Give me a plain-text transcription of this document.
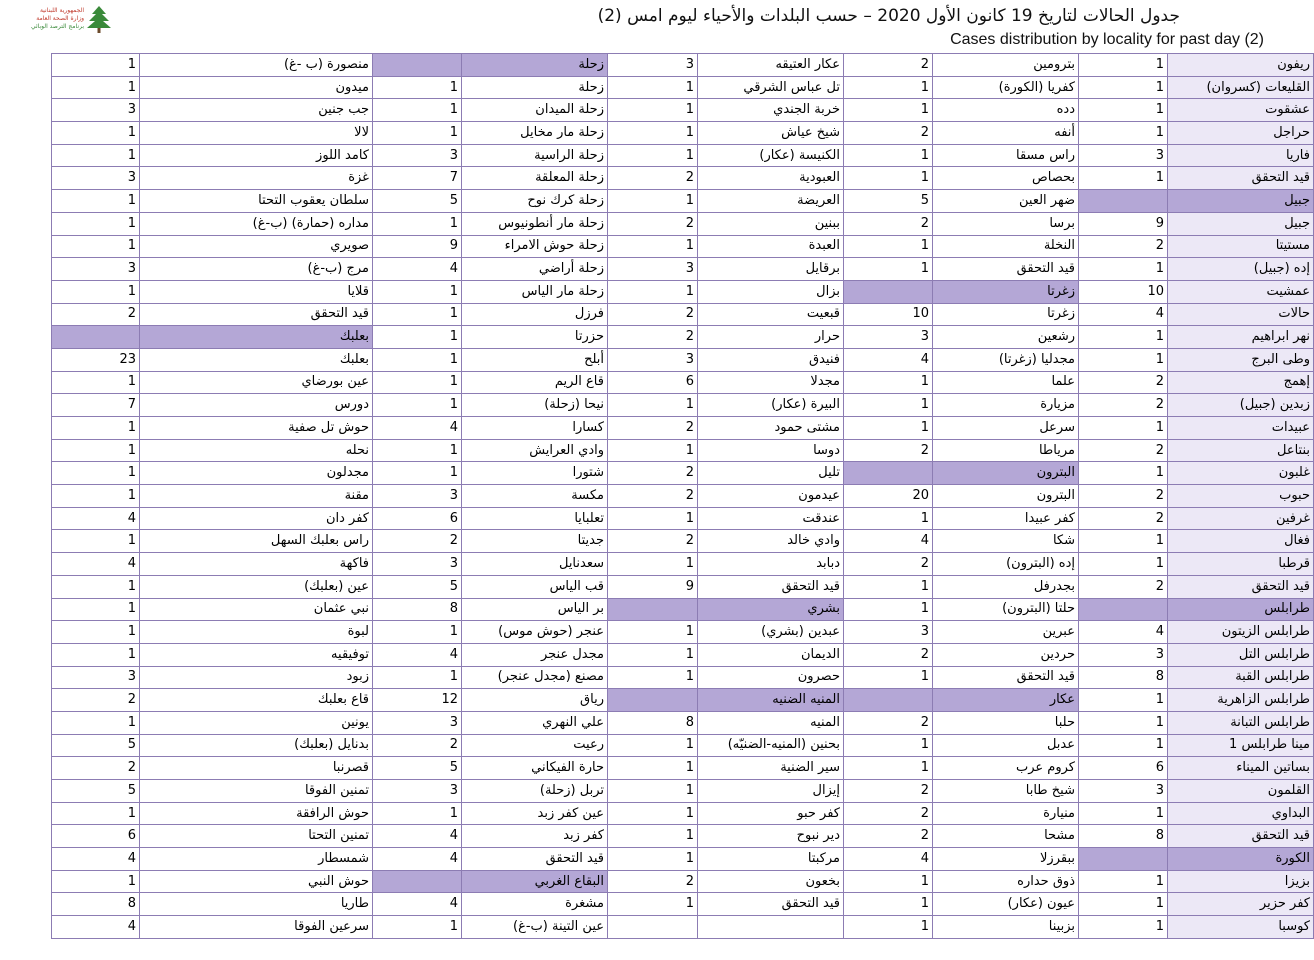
الجمهورية اللبنانية
وزارة الصحة العامة
برنامج الترصد الوبائي
جدول الحالات لتاريخ 19 كانون الأول 2020 – حسب البلدات والأحياء ليوم امس (2)
Cases distribution by locality for past day (2)
1	منصورة (ب -غ)		زحلة	3	عكار العتيقه	2	بترومين	1	ريفون
1	ميدون	1	زحلة	1	تل عباس الشرقي	1	كفريا (الكورة)	1	القليعات (كسروان)
3	جب جنين	1	زحلة الميدان	1	خربة الجندي	1	دده	1	عشقوت
1	لالا	1	زحلة مار مخايل	1	شيخ عياش	2	أنفه	1	حراجل
1	كامد اللوز	3	زحلة الراسية	1	الكنيسة (عكار)	1	راس مسقا	3	فاريا
3	غزة	7	زحلة المعلقة	2	العبودية	1	بحصاص	1	قيد التحقق
1	سلطان يعقوب التحتا	5	زحلة كرك نوح	1	العريضة	5	ضهر العين		جبيل
1	مداره (حمارة) (ب-غ)	1	زحلة مار أنطونيوس	2	ببنين	2	برسا	9	جبيل
1	صويري	9	زحلة حوش الامراء	1	العبدة	1	النخلة	2	مستيتا
3	مرج (ب-غ)	4	زحلة أراضي	3	برقايل	1	قيد التحقق	1	إده (جبيل)
1	قلايا	1	زحلة مار الياس	1	بزال		زغرتا	10	عمشيت
2	قيد التحقق	1	فرزل	2	قبعيت	10	زغرتا	4	حالات
	بعلبك	1	حزرتا	2	حرار	3	رشعين	1	نهر ابراهيم
23	بعلبك	1	أبلح	3	فنيدق	4	مجدليا (زغرتا)	1	وطى البرج
1	عين بورضاي	1	قاع الريم	6	مجدلا	1	علما	2	إهمج
7	دورس	1	نيحا (زحلة)	1	البيرة (عكار)	1	مزيارة	2	زبدين (جبيل)
1	حوش تل صفية	4	كسارا	2	مشتى حمود	1	سرعل	1	عبيدات
1	نحله	1	وادي العرايش	1	دوسا	2	مرياطا	2	بنتاعل
1	مجدلون	1	شتورا	2	تليل		البترون	1	غلبون
1	مقنة	3	مكسة	2	عيدمون	20	البترون	2	حبوب
4	كفر دان	6	تعلبايا	1	عندقت	1	كفر عبيدا	2	غرفين
1	راس بعلبك السهل	2	جديتا	2	وادي خالد	4	شكا	1	فغال
4	فاكهة	3	سعدنايل	1	دبابد	2	إده (البترون)	1	قرطبا
1	عين (بعلبك)	5	قب الياس	9	قيد التحقق	1	بجدرفل	2	قيد التحقق
1	نبي عثمان	8	بر الياس		بشري	1	حلتا (البترون)		طرابلس
1	لبوة	1	عنجر (حوش موس)	1	عبدين (بشري)	3	عبرين	4	طرابلس الزيتون
1	توفيقيه	4	مجدل عنجر	1	الديمان	2	حردين	3	طرابلس التل
3	زبود	1	مصنع (مجدل عنجر)	1	حصرون	1	قيد التحقق	8	طرابلس القبة
2	قاع بعلبك	12	رياق		المنيه الضنيه		عكار	1	طرابلس الزاهرية
1	يونين	3	علي النهري	8	المنيه	2	حلبا	1	طرابلس التبانة
5	بدنايل (بعلبك)	2	رعيت	1	بحنين (المنيه-الضنيّه)	1	عدبل	1	مينا طرابلس 1
2	قصرنبا	5	حارة الفيكاني	1	سير الضنية	1	كروم عرب	6	بساتين الميناء
5	تمنين الفوقا	3	تربل (زحلة)	1	إيزال	2	شيخ طابا	3	القلمون
1	حوش الرافقة	1	عين كفر زبد	1	كفر حبو	2	منيارة	1	البداوي
6	تمنين التحتا	4	كفر زبد	1	دير نبوح	2	مشحا	8	قيد التحقق
4	شمسطار	4	قيد التحقق	1	مركبتا	4	ببقرزلا		الكورة
1	حوش النبي		البقاع الغربي	2	بخعون	1	ذوق حداره	1	بزيزا
8	طاريا	4	مشغرة	1	قيد التحقق	1	عيون (عكار)	1	كفر حزير
4	سرعين الفوقا	1	عين التينة (ب-غ)			1	بزبينا	1	كوسبا
